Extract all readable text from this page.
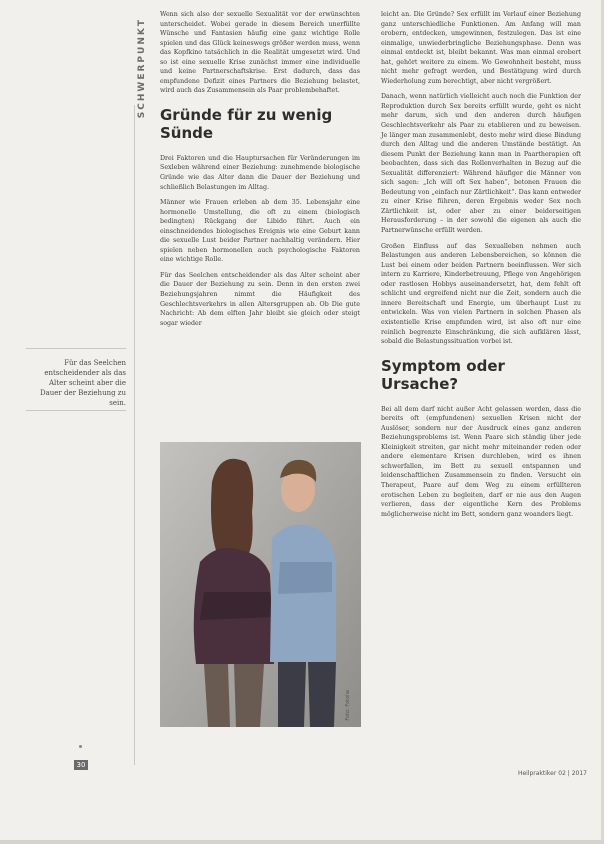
SCHWERPUNKT
Für das Seelchen entscheidender als das Alter scheint aber die Dauer der Beziehung zu sein.

Wenn sich also der sexuelle Sexualität vor der erwünschten unterscheidet. Wobei gerade in diesem Bereich unerfüllte Wünsche und Fantasien häufig eine ganz wichtige Rolle spielen und das Glück keineswegs größer werden muss, wenn das Kopfkino tatsächlich in die Realität umgesetzt wird. Und so ist eine sexuelle Krise zunächst immer eine individuelle und keine Partnerschaftskrise. Erst dadurch, dass das empfundene Defizit eines Partners die Beziehung belastet, wird auch das Zusammensein als Paar problembehaftet.

Gründe für zu wenig Sünde

Drei Faktoren und die Hauptursachen für Veränderungen im Sexleben während einer Beziehung: zunehmende biologische Gründe wie das Alter dann die Dauer der Beziehung und schließlich Belastungen im Alltag.

Männer wie Frauen erleben ab dem 35. Lebensjahr eine hormonelle Umstellung, die oft zu einem (biologisch bedingten) Rückgang der Libido führt. Auch ein einschneidendes biologisches Ereignis wie eine Geburt kann die sexuelle Lust beider Partner nachhaltig verändern. Hier spielen neben hormonellen auch psychologische Faktoren eine wichtige Rolle.

Für das Seelchen entscheidender als das Alter scheint aber die Dauer der Beziehung zu sein. Denn in den ersten zwei Beziehungsjahren nimmt die Häufigkeit des Geschlechtsverkehrs in allen Altersgruppen ab. Ob Die gute Nachricht: Ab dem elften Jahr bleibt sie gleich oder steigt sogar wieder

Foto: Fotolia

leicht an. Die Gründe? Sex erfüllt im Verlauf einer Beziehung ganz unterschiedliche Funktionen. Am Anfang will man erobern, entdecken, umgewinnen, festzulegen. Das ist eine einmalige, unwiederbringliche Beziehungsphase. Denn was einmal entdeckt ist, bleibt bekannt. Was man einmal erobert hat, gehört weitere zu einem. Wo Gewohnheit besteht, muss nicht mehr gefragt werden, und Bestätigung wird durch Wiederholung zum berechtigt, aber nicht vergrößert.

Danach, wenn natürlich vielleicht auch noch die Funktion der Reproduktion durch Sex bereits erfüllt wurde, geht es nicht mehr darum, sich und den anderen durch häufigen Geschlechtsverkehr als Paar zu etablieren und zu beweisen. Je länger man zusammenlebt, desto mehr wird diese Bindung durch den Alltag und die anderen Umstände bestätigt. An diesem Punkt der Beziehung kann man in Paartherapien oft beobachten, dass sich das Rollenverhalten in Bezug auf die Sexualität differenziert: Während häufiger die Männer von sich sagen: „Ich will oft Sex haben“, betonen Frauen die Bedeutung von „einfach nur Zärtlichkeit“. Das kann entweder zu einer Krise führen, deren Ergebnis weder Sex noch Zärtlichkeit ist, oder aber zu einer beiderseitigen Herausforderung – in der sowohl die eigenen als auch die Partnerwünsche erfüllt werden.

Großen Einfluss auf das Sexualleben nehmen auch Belastungen aus anderen Lebensbereichen, so können die Lust bei einem oder beiden Partnern beeinflussen. Wer sich intern zu Karriere, Kinderbetreuung, Pflege von Angehörigen oder rastlosen Hobbys auseinandersetzt, hat, dem fehlt oft schlicht und ergreifend nicht nur die Zeit, sondern auch die innere Bereitschaft und Energie, um überhaupt Lust zu entwickeln. Was von vielen Partnern in solchen Phasen als existentielle Krise empfunden wird, ist also oft nur eine reinlich begrenzte Einschränkung, die sich aufklären lässt, sobald die Belastungssituation vorbei ist.

Symptom oder Ursache?

Bei all dem darf nicht außer Acht gelassen werden, dass die bereits oft (empfundenen) sexuellen Krisen nicht der Auslöser, sondern nur der Ausdruck eines ganz anderen Beziehungsproblems ist. Wenn Paare sich ständig über jede Kleinigkeit streiten, gar nicht mehr miteinander reden oder andere elementare Krisen durchleben, wird es ihnen schwerfallen, im Bett zu sexuell entspannen und leidenschaftlichen Zusammensein zu finden. Versucht ein Therapeut, Paare auf dem Weg zu einem erfüllteren erotischen Leben zu begleiten, darf er nie aus den Augen verlieren, dass der eigentliche Kern des Problems möglicherweise nicht im Bett, sondern ganz woanders liegt.

30
Heilpraktiker 02 | 2017
